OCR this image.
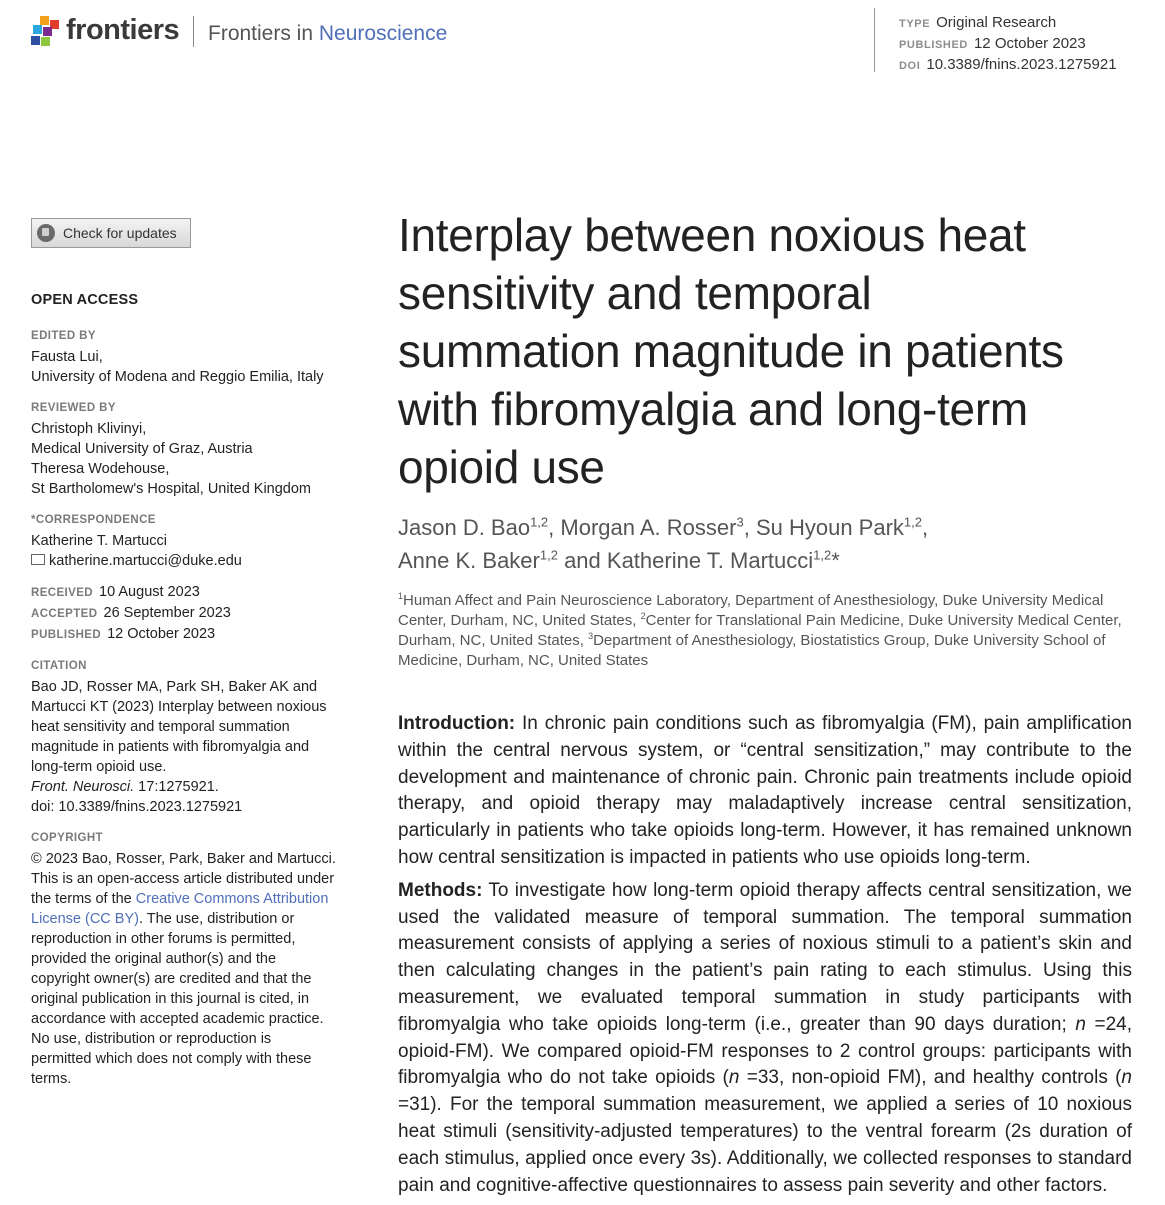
frontiers Frontiers in Neuroscience	TYPE Original Research
PUBLISHED 12 October 2023
DOI 10.3389/fnins.2023.1275921
Check for updates
OPEN ACCESS
EDITED BY
Fausta Lui,
University of Modena and Reggio Emilia, Italy
REVIEWED BY
Christoph Klivinyi,
Medical University of Graz, Austria
Theresa Wodehouse,
St Bartholomew's Hospital, United Kingdom
*CORRESPONDENCE
Katherine T. Martucci
katherine.martucci@duke.edu
RECEIVED 10 August 2023
ACCEPTED 26 September 2023
PUBLISHED 12 October 2023
CITATION
Bao JD, Rosser MA, Park SH, Baker AK and
Martucci KT (2023) Interplay between noxious
heat sensitivity and temporal summation
magnitude in patients with fibromyalgia and
long-term opioid use.
Front. Neurosci. 17:1275921.
doi: 10.3389/fnins.2023.1275921
COPYRIGHT
© 2023 Bao, Rosser, Park, Baker and Martucci.
This is an open-access article distributed under
the terms of the Creative Commons Attribution
License (CC BY). The use, distribution or
reproduction in other forums is permitted,
provided the original author(s) and the
copyright owner(s) are credited and that the
original publication in this journal is cited, in
accordance with accepted academic practice.
No use, distribution or reproduction is
permitted which does not comply with these
terms.
Interplay between noxious heat
sensitivity and temporal
summation magnitude in patients
with fibromyalgia and long-term
opioid use
Jason D. Bao$^{1,2}$, Morgan A. Rosser$^3$, Su Hyoun Park$^{1,2}$,
Anne K. Baker$^{1,2}$ and Katherine T. Martucci$^{1,2}$*
$^1$Human Affect and Pain Neuroscience Laboratory, Department of Anesthesiology, Duke University Medical Center, Durham, NC, United States, $^2$Center for Translational Pain Medicine, Duke University Medical Center, Durham, NC, United States, $^3$Department of Anesthesiology, Biostatistics Group, Duke University School of Medicine, Durham, NC, United States

Introduction: In chronic pain conditions such as fibromyalgia (FM), pain amplification within the central nervous system, or “central sensitization,” may contribute to the development and maintenance of chronic pain. Chronic pain treatments include opioid therapy, and opioid therapy may maladaptively increase central sensitization, particularly in patients who take opioids long-term. However, it has remained unknown how central sensitization is impacted in patients who use opioids long-term.

Methods: To investigate how long-term opioid therapy affects central sensitization, we used the validated measure of temporal summation. The temporal summation measurement consists of applying a series of noxious stimuli to a patient’s skin and then calculating changes in the patient’s pain rating to each stimulus. Using this measurement, we evaluated temporal summation in study participants with fibromyalgia who take opioids long-term (i.e., greater than 90 days duration; n =24, opioid-FM). We compared opioid-FM responses to 2 control groups: participants with fibromyalgia who do not take opioids (n =33, non-opioid FM), and healthy controls (n =31). For the temporal summation measurement, we applied a series of 10 noxious heat stimuli (sensitivity-adjusted temperatures) to the ventral forearm (2s duration of each stimulus, applied once every 3s). Additionally, we collected responses to standard pain and cognitive-affective questionnaires to assess pain severity and other factors.
